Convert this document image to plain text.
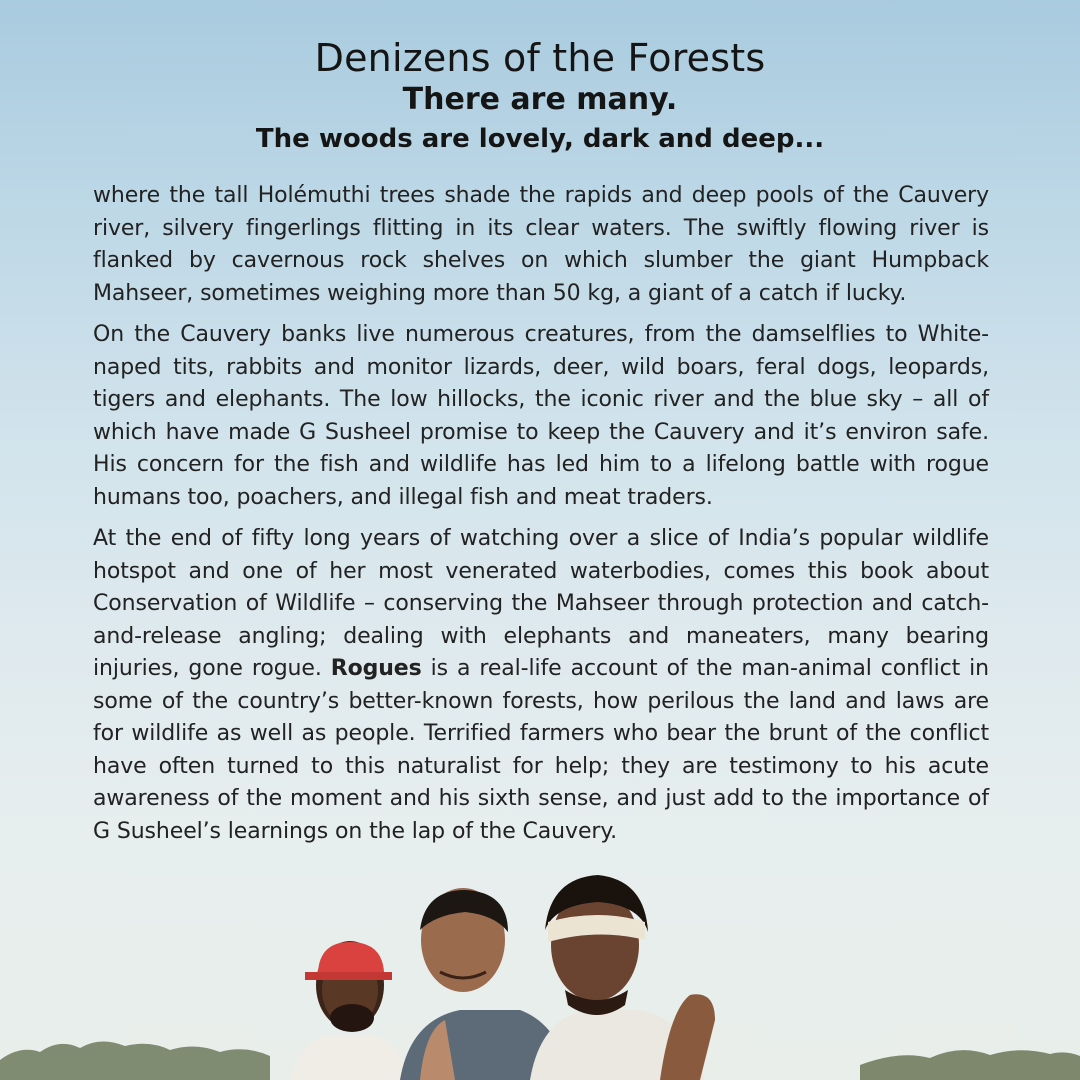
Denizens of the Forests
There are many.
The woods are lovely, dark and deep...

where the tall Holémuthi trees shade the rapids and deep pools of the Cauvery river, silvery fingerlings flitting in its clear waters. The swiftly flowing river is flanked by cavernous rock shelves on which slumber the giant Humpback Mahseer, sometimes weighing more than 50 kg, a giant of a catch if lucky.

On the Cauvery banks live numerous creatures, from the damselflies to White-naped tits, rabbits and monitor lizards, deer, wild boars, feral dogs, leopards, tigers and elephants. The low hillocks, the iconic river and the blue sky – all of which have made G Susheel promise to keep the Cauvery and it’s environ safe. His concern for the fish and wildlife has led him to a lifelong battle with rogue humans too, poachers, and illegal fish and meat traders.

At the end of fifty long years of watching over a slice of India’s popular wildlife hotspot and one of her most venerated waterbodies, comes this book about Conservation of Wildlife – conserving the Mahseer through protection and catch-and-release angling; dealing with elephants and maneaters, many bearing injuries, gone rogue. Rogues is a real-life account of the man-animal conflict in some of the country’s better-known forests, how perilous the land and laws are for wildlife as well as people. Terrified farmers who bear the brunt of the conflict have often turned to this naturalist for help; they are testimony to his acute awareness of the moment and his sixth sense, and just add to the importance of G Susheel’s learnings on the lap of the Cauvery.
